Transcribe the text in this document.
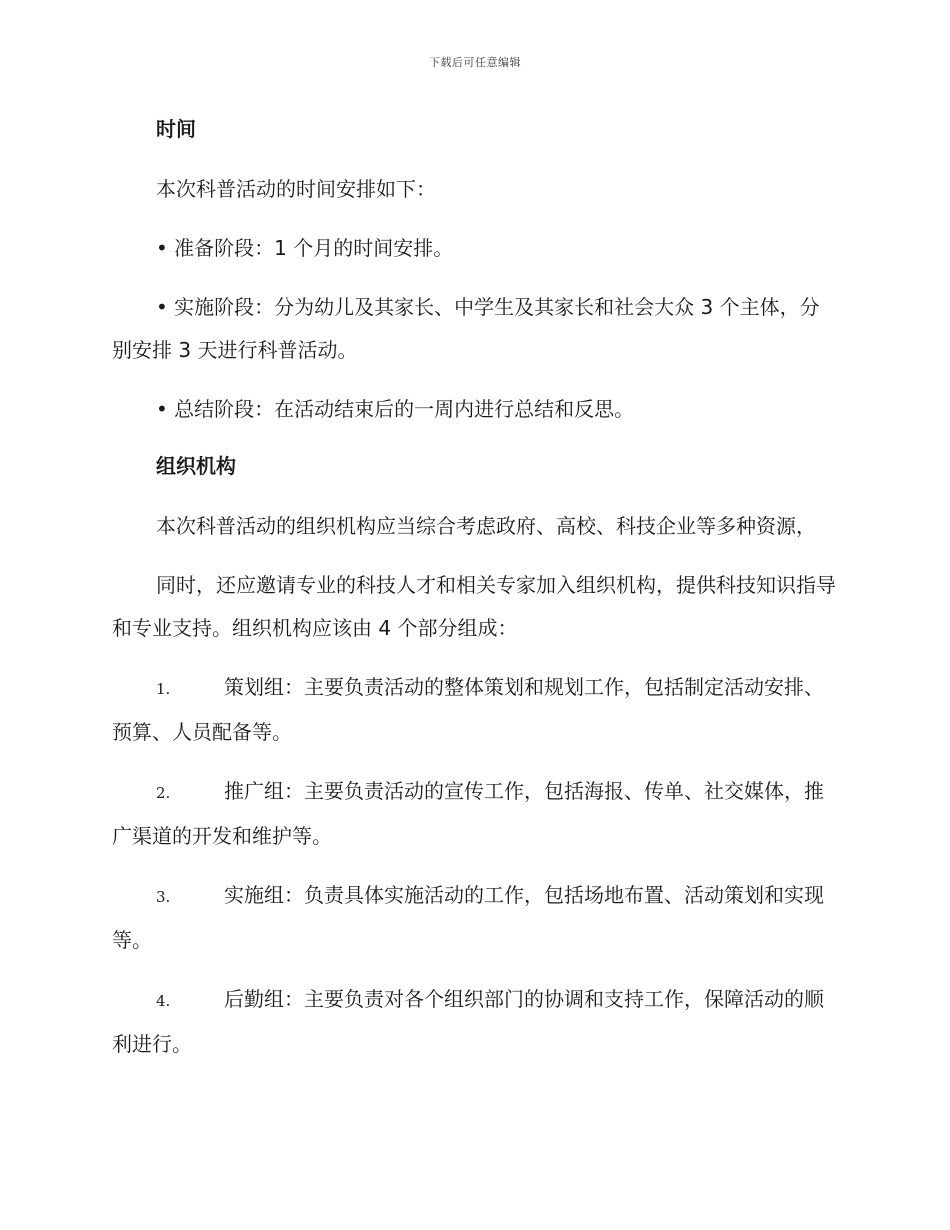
下载后可任意编辑
时间
本次科普活动的时间安排如下：
• 准备阶段：1 个月的时间安排。
• 实施阶段：分为幼儿及其家长、中学生及其家长和社会大众 3 个主体，分别安排 3 天进行科普活动。
• 总结阶段：在活动结束后的一周内进行总结和反思。
组织机构
本次科普活动的组织机构应当综合考虑政府、高校、科技企业等多种资源，
同时，还应邀请专业的科技人才和相关专家加入组织机构，提供科技知识指导和专业支持。组织机构应该由 4 个部分组成：
1.	策划组：主要负责活动的整体策划和规划工作，包括制定活动安排、预算、人员配备等。
2.	推广组：主要负责活动的宣传工作，包括海报、传单、社交媒体，推广渠道的开发和维护等。
3.	实施组：负责具体实施活动的工作，包括场地布置、活动策划和实现等。
4.	后勤组：主要负责对各个组织部门的协调和支持工作，保障活动的顺利进行。
